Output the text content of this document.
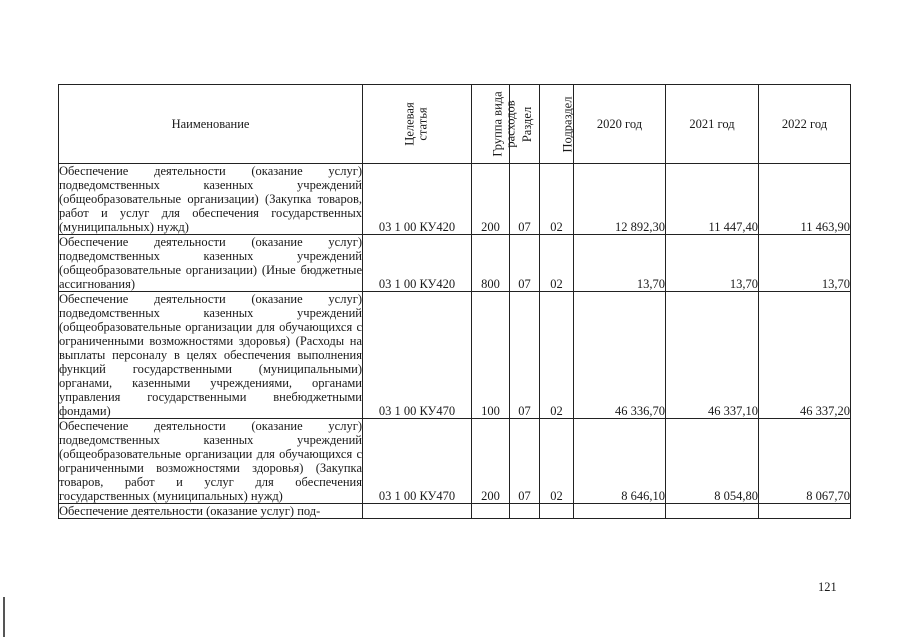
Наименование	Целевая статья	Группа вида расходов	Раздел	Подраздел	2020 год	2021 год	2022 год
Обеспечение деятельности (оказание услуг) подведомственных казенных учреждений (общеобразовательные организации) (Закупка товаров, работ и услуг для обеспечения государственных (муниципальных) нужд)	03 1 00 КУ420	200	07	02	12 892,30	11 447,40	11 463,90
Обеспечение деятельности (оказание услуг) подведомственных казенных учреждений (общеобразовательные организации) (Иные бюджетные ассигнования)	03 1 00 КУ420	800	07	02	13,70	13,70	13,70
Обеспечение деятельности (оказание услуг) подведомственных казенных учреждений (общеобразовательные организации для обучающихся с ограниченными возможностями здоровья) (Расходы на выплаты персоналу в целях обеспечения выполнения функций государственными (муниципальными) органами, казенными учреждениями, органами управления государственными внебюджетными фондами)	03 1 00 КУ470	100	07	02	46 336,70	46 337,10	46 337,20
Обеспечение деятельности (оказание услуг) подведомственных казенных учреждений (общеобразовательные организации для обучающихся с ограниченными возможностями здоровья) (Закупка товаров, работ и услуг для обеспечения государственных (муниципальных) нужд)	03 1 00 КУ470	200	07	02	8 646,10	8 054,80	8 067,70
Обеспечение деятельности (оказание услуг) под-							
121
